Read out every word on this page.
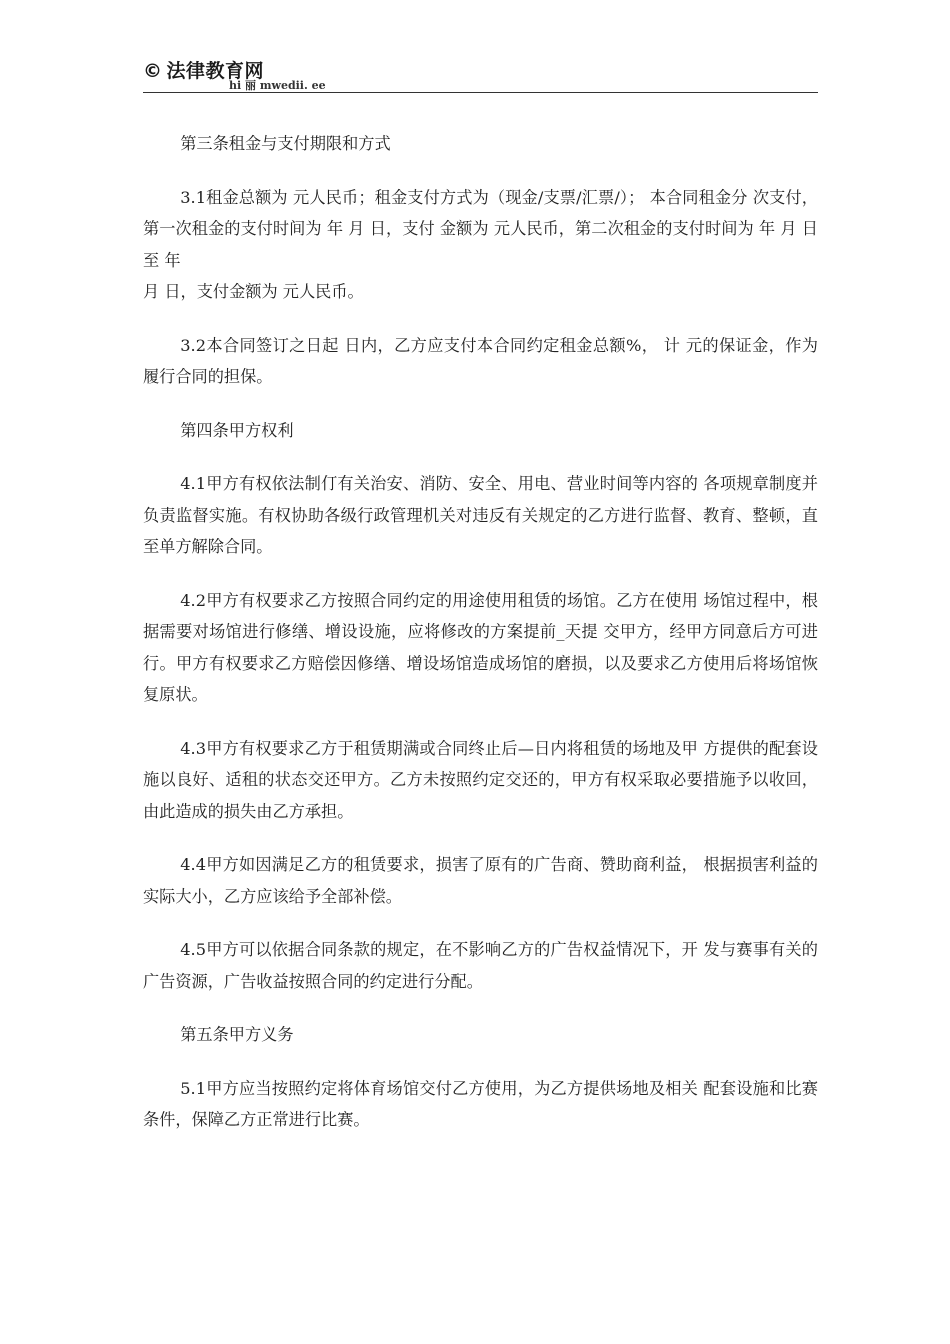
© 法律教育网
hi 丽 mwedii. ee

第三条租金与支付期限和方式

3.1租金总额为 元人民币；租金支付方式为（现金/支票/汇票/）； 本合同租金分 次支付，第一次租金的支付时间为 年 月 日，支付 金额为 元人民币，第二次租金的支付时间为 年 月 日至 年
月 日，支付金额为 元人民币。

3.2本合同签订之日起 日内，乙方应支付本合同约定租金总额%， 计 元的保证金，作为履行合同的担保。

第四条甲方权利

4.1甲方有权依法制仃有关治安、消防、安全、用电、营业时间等内容的 各项规章制度并负责监督实施。有权协助各级行政管理机关对违反有关规定的乙方进行监督、教育、整顿，直至单方解除合同。

4.2甲方有权要求乙方按照合同约定的用途使用租赁的场馆。乙方在使用 场馆过程中，根据需要对场馆进行修缮、增设设施，应将修改的方案提前_天提 交甲方，经甲方同意后方可进行。甲方有权要求乙方赔偿因修缮、增设场馆造成场馆的磨损，以及要求乙方使用后将场馆恢复原状。

4.3甲方有权要求乙方于租赁期满或合同终止后—日内将租赁的场地及甲 方提供的配套设施以良好、适租的状态交还甲方。乙方未按照约定交还的，甲方有权采取必要措施予以收回，由此造成的损失由乙方承担。

4.4甲方如因满足乙方的租赁要求，损害了原有的广告商、赞助商利益， 根据损害利益的实际大小，乙方应该给予全部补偿。

4.5甲方可以依据合同条款的规定，在不影响乙方的广告权益情况下，开 发与赛事有关的广告资源，广告收益按照合同的约定进行分配。

第五条甲方义务

5.1甲方应当按照约定将体育场馆交付乙方使用，为乙方提供场地及相关 配套设施和比赛条件，保障乙方正常进行比赛。
